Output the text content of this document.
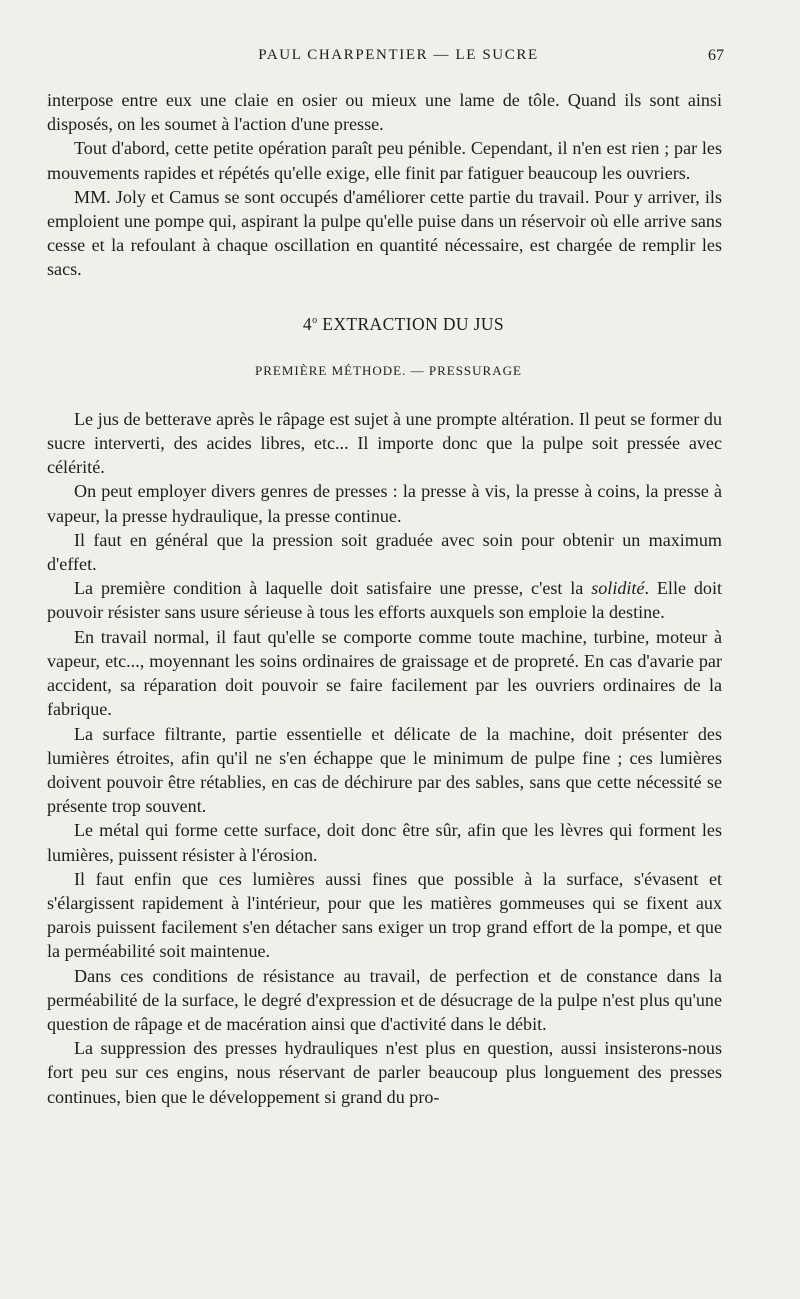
PAUL CHARPENTIER — LE SUCRE	67

interpose entre eux une claie en osier ou mieux une lame de tôle. Quand ils sont ainsi disposés, on les soumet à l'action d'une presse.

Tout d'abord, cette petite opération paraît peu pénible. Cependant, il n'en est rien ; par les mouvements rapides et répétés qu'elle exige, elle finit par fatiguer beaucoup les ouvriers.

MM. Joly et Camus se sont occupés d'améliorer cette partie du travail. Pour y arriver, ils emploient une pompe qui, aspirant la pulpe qu'elle puise dans un réservoir où elle arrive sans cesse et la refoulant à chaque oscillation en quantité nécessaire, est chargée de remplir les sacs.

4$^o$ EXTRACTION DU JUS
PREMIÈRE MÉTHODE. — PRESSURAGE

Le jus de betterave après le râpage est sujet à une prompte altération. Il peut se former du sucre interverti, des acides libres, etc... Il importe donc que la pulpe soit pressée avec célérité.

On peut employer divers genres de presses : la presse à vis, la presse à coins, la presse à vapeur, la presse hydraulique, la presse continue.

Il faut en général que la pression soit graduée avec soin pour obtenir un maximum d'effet.

La première condition à laquelle doit satisfaire une presse, c'est la solidité. Elle doit pouvoir résister sans usure sérieuse à tous les efforts auxquels son emploie la destine.

En travail normal, il faut qu'elle se comporte comme toute machine, turbine, moteur à vapeur, etc..., moyennant les soins ordinaires de graissage et de propreté. En cas d'avarie par accident, sa réparation doit pouvoir se faire facilement par les ouvriers ordinaires de la fabrique.

La surface filtrante, partie essentielle et délicate de la machine, doit présenter des lumières étroites, afin qu'il ne s'en échappe que le minimum de pulpe fine ; ces lumières doivent pouvoir être rétablies, en cas de déchirure par des sables, sans que cette nécessité se présente trop souvent.

Le métal qui forme cette surface, doit donc être sûr, afin que les lèvres qui forment les lumières, puissent résister à l'érosion.

Il faut enfin que ces lumières aussi fines que possible à la surface, s'évasent et s'élargissent rapidement à l'intérieur, pour que les matières gommeuses qui se fixent aux parois puissent facilement s'en détacher sans exiger un trop grand effort de la pompe, et que la perméabilité soit maintenue.

Dans ces conditions de résistance au travail, de perfection et de constance dans la perméabilité de la surface, le degré d'expression et de désucrage de la pulpe n'est plus qu'une question de râpage et de macération ainsi que d'activité dans le débit.

La suppression des presses hydrauliques n'est plus en question, aussi insisterons-nous fort peu sur ces engins, nous réservant de parler beaucoup plus longuement des presses continues, bien que le développement si grand du pro-
